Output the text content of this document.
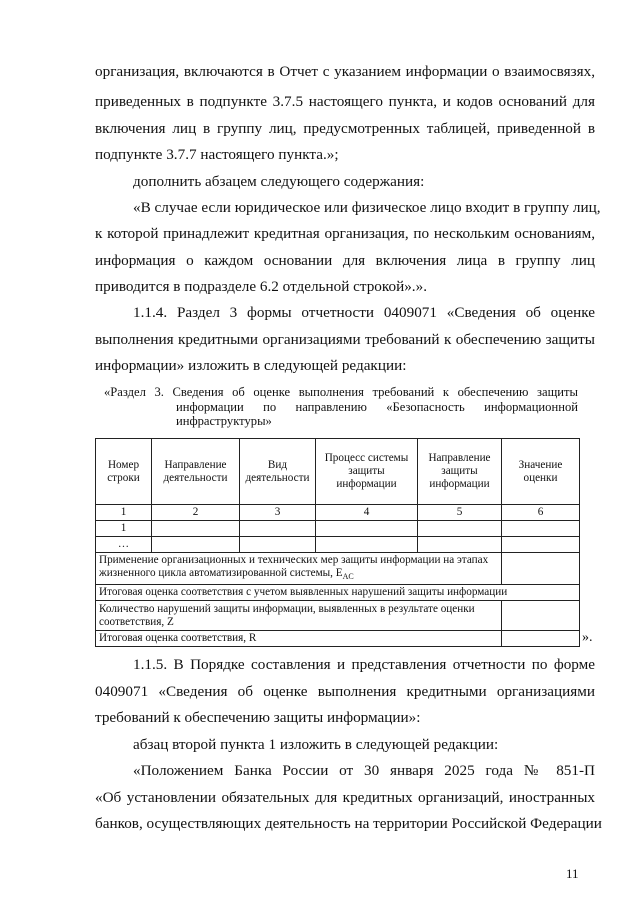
организация, включаются в Отчет с указанием информации о взаимосвязях,
приведенных в подпункте 3.7.5 настоящего пункта, и кодов оснований для
включения лиц в группу лиц, предусмотренных таблицей, приведенной в
подпункте 3.7.7 настоящего пункта.»;
дополнить абзацем следующего содержания:
«В случае если юридическое или физическое лицо входит в группу лиц,
к которой принадлежит кредитная организация, по нескольким основаниям,
информация о каждом основании для включения лица в группу лиц
приводится в подразделе 6.2 отдельной строкой».».
1.1.4. Раздел 3 формы отчетности 0409071 «Сведения об оценке
выполнения кредитными организациями требований к обеспечению защиты
информации» изложить в следующей редакции:
«Раздел 3. Сведения об оценке выполнения требований к обеспечению защиты
информации по направлению «Безопасность информационной
инфраструктуры»
Номер строки	Направление деятельности	Вид деятельности	Процесс системы защиты информации	Направление защиты информации	Значение оценки
1	2	3	4	5	6
1					
…					
Применение организационных и технических мер защиты информации на этапах жизненного цикла автоматизированной системы, $E_{AC}$	
Итоговая оценка соответствия с учетом выявленных нарушений защиты информации					
Количество нарушений защиты информации, выявленных в результате оценки соответствия, Z					
Итоговая оценка соответствия, R						».
1.1.5. В Порядке составления и представления отчетности по форме
0409071 «Сведения об оценке выполнения кредитными организациями
требований к обеспечению защиты информации»:
абзац второй пункта 1 изложить в следующей редакции:
«Положением Банка России от 30 января 2025 года № 851-П
«Об установлении обязательных для кредитных организаций, иностранных
банков, осуществляющих деятельность на территории Российской Федерации
11
